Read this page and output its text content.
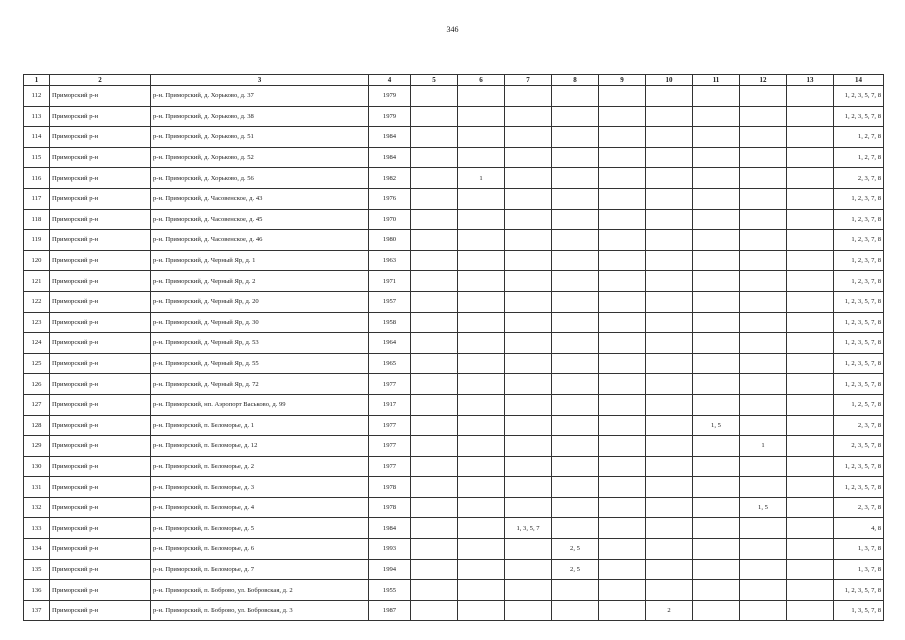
346
1	2	3	4	5	6	7	8	9	10	11	12	13	14
112	Приморский р-н	р-н. Приморский, д. Хорьково, д. 37	1979										1, 2, 3, 5, 7, 8
113	Приморский р-н	р-н. Приморский, д. Хорьково, д. 38	1979										1, 2, 3, 5, 7, 8
114	Приморский р-н	р-н. Приморский, д. Хорьково, д. 51	1984										1, 2, 7, 8
115	Приморский р-н	р-н. Приморский, д. Хорьково, д. 52	1984										1, 2, 7, 8
116	Приморский р-н	р-н. Приморский, д. Хорьково, д. 56	1982		1								2, 3, 7, 8
117	Приморский р-н	р-н. Приморский, д. Часовенское, д. 43	1976										1, 2, 3, 7, 8
118	Приморский р-н	р-н. Приморский, д. Часовенское, д. 45	1970										1, 2, 3, 7, 8
119	Приморский р-н	р-н. Приморский, д. Часовенское, д. 46	1980										1, 2, 3, 7, 8
120	Приморский р-н	р-н. Приморский, д. Черный Яр, д. 1	1963										1, 2, 3, 7, 8
121	Приморский р-н	р-н. Приморский, д. Черный Яр, д. 2	1971										1, 2, 3, 7, 8
122	Приморский р-н	р-н. Приморский, д. Черный Яр, д. 20	1957										1, 2, 3, 5, 7, 8
123	Приморский р-н	р-н. Приморский, д. Черный Яр, д. 30	1958										1, 2, 3, 5, 7, 8
124	Приморский р-н	р-н. Приморский, д. Черный Яр, д. 53	1964										1, 2, 3, 5, 7, 8
125	Приморский р-н	р-н. Приморский, д. Черный Яр, д. 55	1965										1, 2, 3, 5, 7, 8
126	Приморский р-н	р-н. Приморский, д. Черный Яр, д. 72	1977										1, 2, 3, 5, 7, 8
127	Приморский р-н	р-н. Приморский, нп. Аэропорт Васьково, д. 99	1917										1, 2, 5, 7, 8
128	Приморский р-н	р-н. Приморский, п. Беломорье, д. 1	1977							1, 5			2, 3, 7, 8
129	Приморский р-н	р-н. Приморский, п. Беломорье, д. 12	1977								1		2, 3, 5, 7, 8
130	Приморский р-н	р-н. Приморский, п. Беломорье, д. 2	1977										1, 2, 3, 5, 7, 8
131	Приморский р-н	р-н. Приморский, п. Беломорье, д. 3	1978										1, 2, 3, 5, 7, 8
132	Приморский р-н	р-н. Приморский, п. Беломорье, д. 4	1978								1, 5		2, 3, 7, 8
133	Приморский р-н	р-н. Приморский, п. Беломорье, д. 5	1984			1, 3, 5, 7							4, 8
134	Приморский р-н	р-н. Приморский, п. Беломорье, д. 6	1993				2, 5						1, 3, 7, 8
135	Приморский р-н	р-н. Приморский, п. Беломорье, д. 7	1994				2, 5						1, 3, 7, 8
136	Приморский р-н	р-н. Приморский, п. Боброво, ул. Бобровская, д. 2	1955										1, 2, 3, 5, 7, 8
137	Приморский р-н	р-н. Приморский, п. Боброво, ул. Бобровская, д. 3	1987						2				1, 3, 5, 7, 8
